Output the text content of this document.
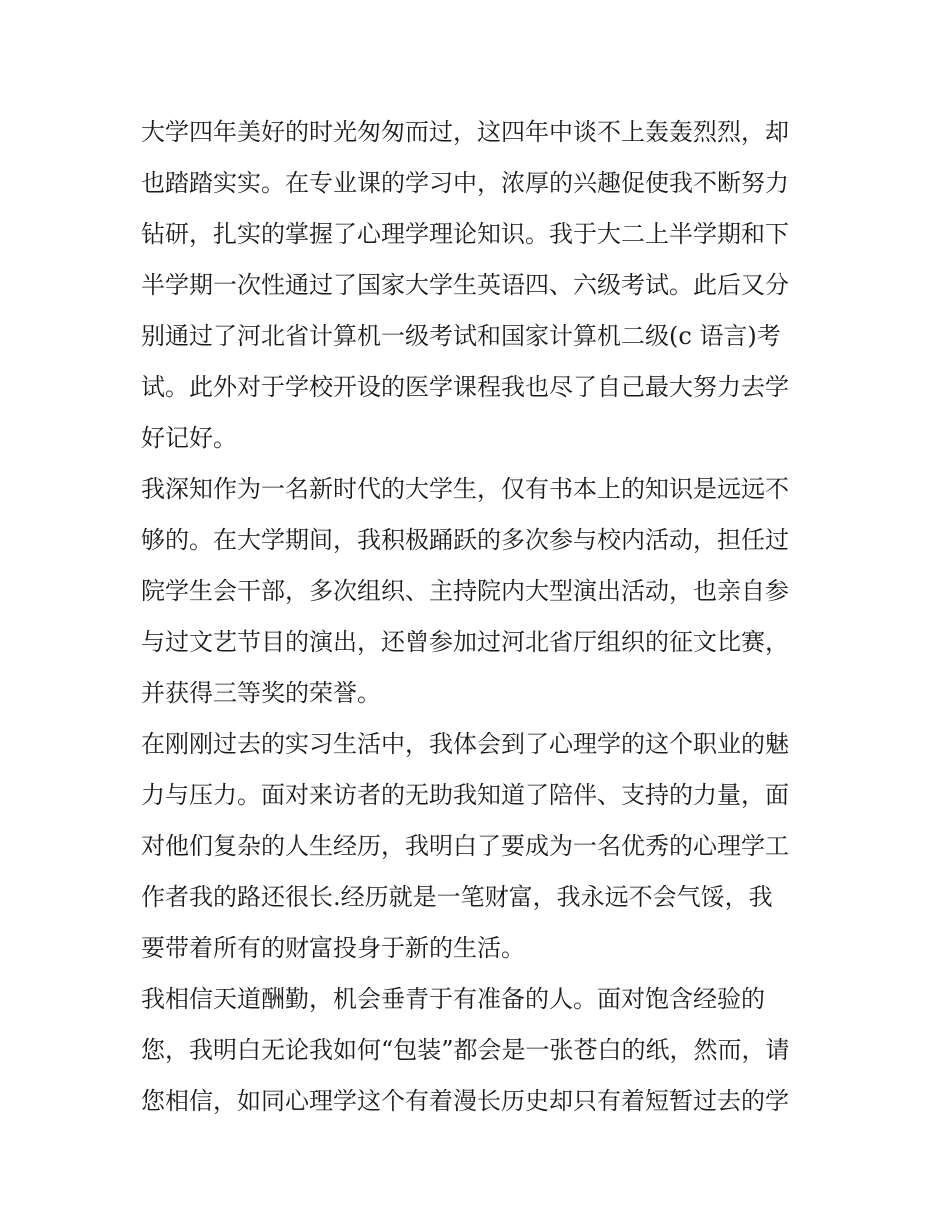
大学四年美好的时光匆匆而过，这四年中谈不上轰轰烈烈，却
也踏踏实实。在专业课的学习中，浓厚的兴趣促使我不断努力
钻研，扎实的掌握了心理学理论知识。我于大二上半学期和下
半学期一次性通过了国家大学生英语四、六级考试。此后又分
别通过了河北省计算机一级考试和国家计算机二级(c 语言)考
试。此外对于学校开设的医学课程我也尽了自己最大努力去学
好记好。
我深知作为一名新时代的大学生，仅有书本上的知识是远远不
够的。在大学期间，我积极踊跃的多次参与校内活动，担任过
院学生会干部，多次组织、主持院内大型演出活动，也亲自参
与过文艺节目的演出，还曾参加过河北省厅组织的征文比赛，
并获得三等奖的荣誉。
在刚刚过去的实习生活中，我体会到了心理学的这个职业的魅
力与压力。面对来访者的无助我知道了陪伴、支持的力量，面
对他们复杂的人生经历，我明白了要成为一名优秀的心理学工
作者我的路还很长.经历就是一笔财富，我永远不会气馁，我
要带着所有的财富投身于新的生活。
我相信天道酬勤，机会垂青于有准备的人。面对饱含经验的
您，我明白无论我如何“包装”都会是一张苍白的纸，然而，请
您相信，如同心理学这个有着漫长历史却只有着短暂过去的学
